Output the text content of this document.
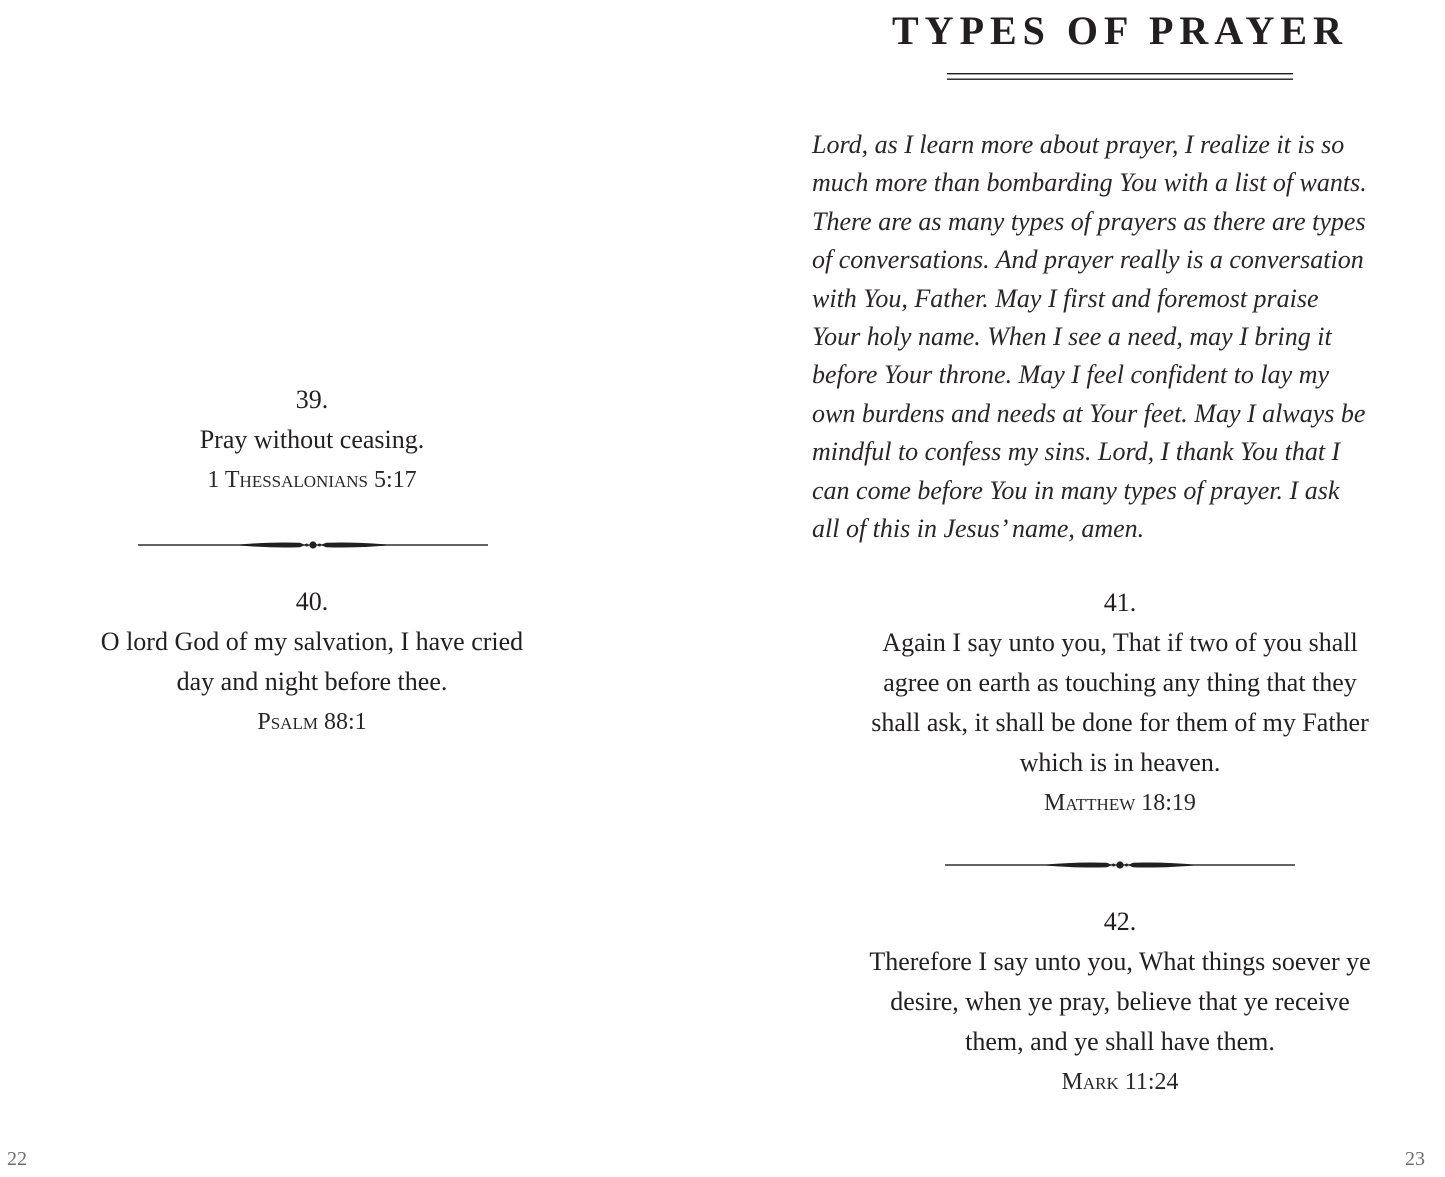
39.
Pray without ceasing.
1 Thessalonians 5:17
40.
O lord God of my salvation, I have cried day and night before thee.
Psalm 88:1
22
TYPES OF PRAYER
Lord, as I learn more about prayer, I realize it is so
much more than bombarding You with a list of wants.
There are as many types of prayers as there are types
of conversations. And prayer really is a conversation
with You, Father. May I first and foremost praise
Your holy name. When I see a need, may I bring it
before Your throne. May I feel confident to lay my
own burdens and needs at Your feet. May I always be
mindful to confess my sins. Lord, I thank You that I
can come before You in many types of prayer. I ask
all of this in Jesus’ name, amen.
41.
Again I say unto you, That if two of you shall agree on earth as touching any thing that they shall ask, it shall be done for them of my Father which is in heaven.
Matthew 18:19
42.
Therefore I say unto you, What things soever ye desire, when ye pray, believe that ye receive them, and ye shall have them.
Mark 11:24
23
